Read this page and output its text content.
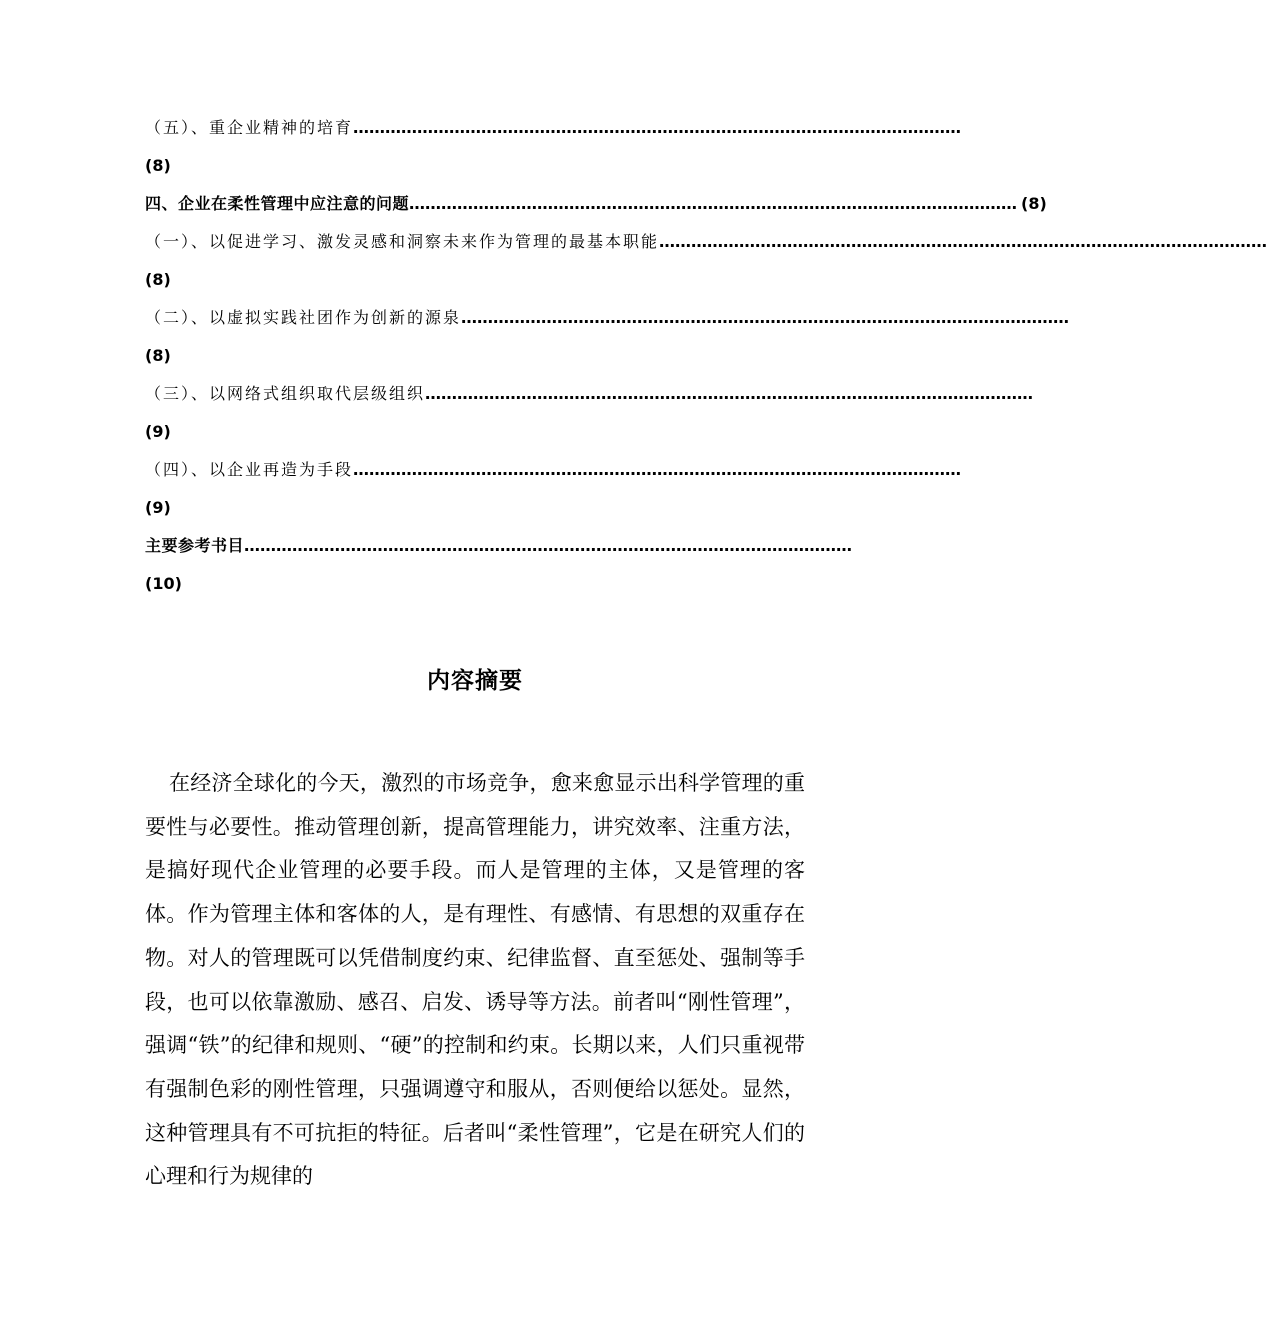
（五）、重企业精神的培育 ……………………………………………………………………………………………………
(8)
四、企业在柔性管理中应注意的问题 …………………………………………………………………………………………………… (8)
（一）、以促进学习、激发灵感和洞察未来作为管理的最基本职能 ……………………………………………………………………………………………………
(8)
（二）、以虚拟实践社团作为创新的源泉 ……………………………………………………………………………………………………
(8)
（三）、以网络式组织取代层级组织 ……………………………………………………………………………………………………
(9)
（四）、以企业再造为手段 ……………………………………………………………………………………………………
(9)
主要参考书目 ……………………………………………………………………………………………………
(10)
内容摘要

在经济全球化的今天，激烈的市场竞争，愈来愈显示出科学管理的重要性与必要性。推动管理创新，提高管理能力，讲究效率、注重方法，是搞好现代企业管理的必要手段。而人是管理的主体，又是管理的客体。作为管理主体和客体的人，是有理性、有感情、有思想的双重存在物。对人的管理既可以凭借制度约束、纪律监督、直至惩处、强制等手段，也可以依靠激励、感召、启发、诱导等方法。前者叫“刚性管理”，强调“铁”的纪律和规则、“硬”的控制和约束。长期以来，人们只重视带有强制色彩的刚性管理，只强调遵守和服从，否则便给以惩处。显然，这种管理具有不可抗拒的特征。后者叫“柔性管理”，它是在研究人们的心理和行为规律的
